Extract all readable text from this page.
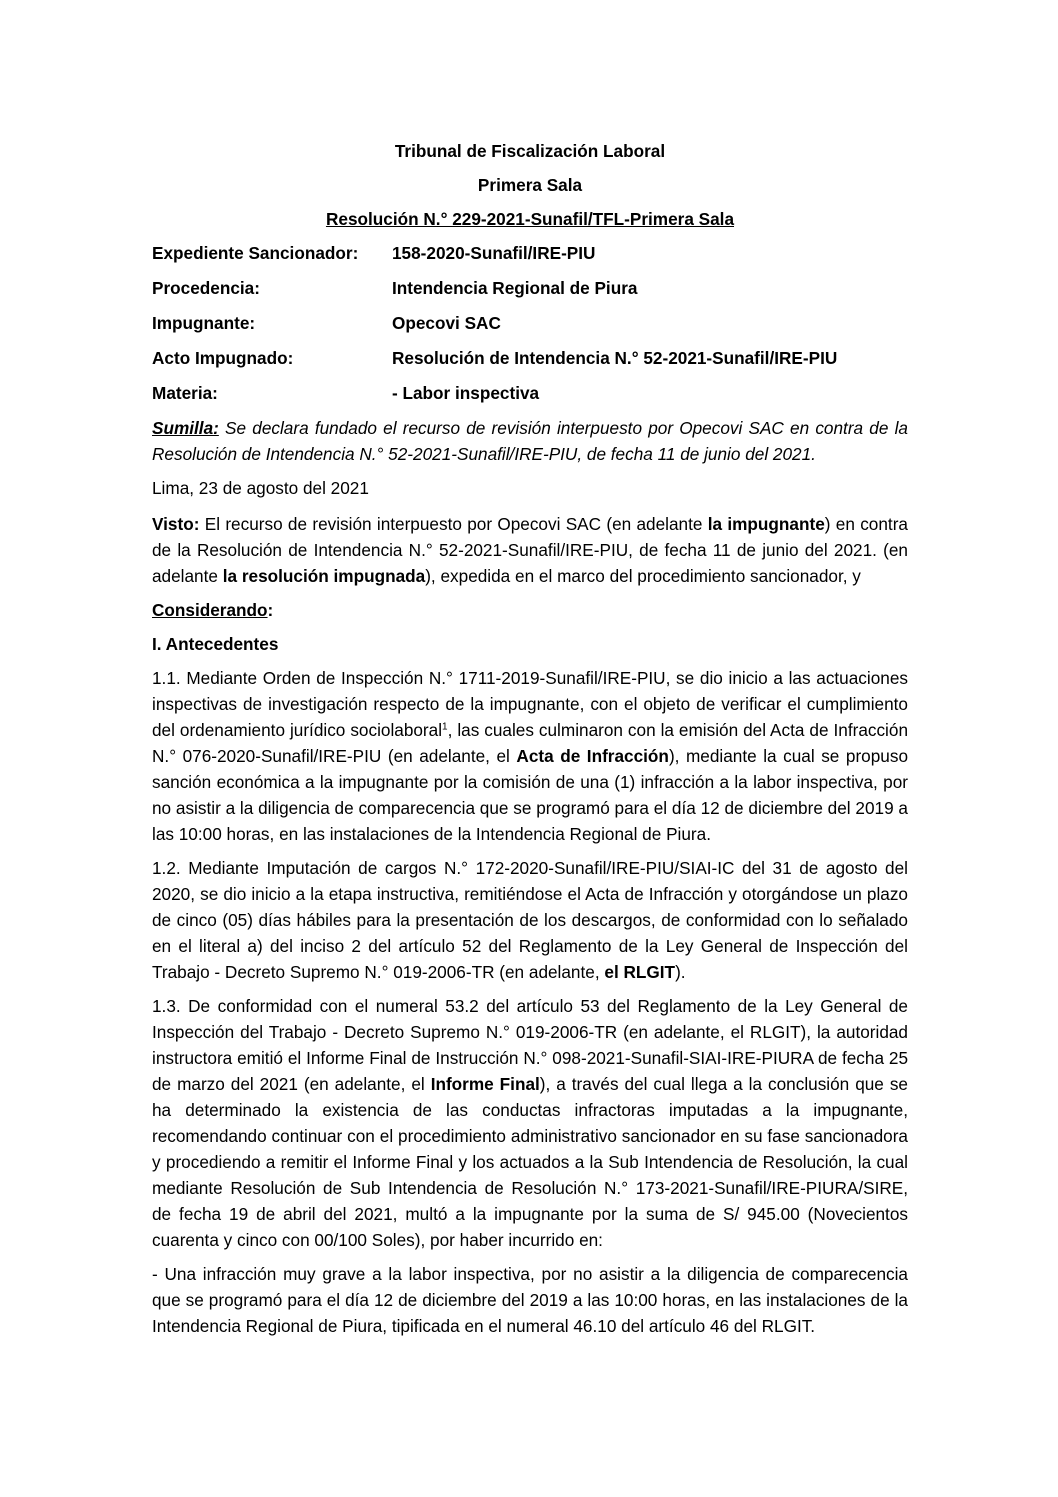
Tribunal de Fiscalización Laboral
Primera Sala
Resolución N.° 229-2021-Sunafil/TFL-Primera Sala
Expediente Sancionador:	158-2020-Sunafil/IRE-PIU
Procedencia:	Intendencia Regional de Piura
Impugnante:	Opecovi SAC
Acto Impugnado:	Resolución de Intendencia N.° 52-2021-Sunafil/IRE-PIU
Materia:	- Labor inspectiva

Sumilla: Se declara fundado el recurso de revisión interpuesto por Opecovi SAC en contra de la Resolución de Intendencia N.° 52-2021-Sunafil/IRE-PIU, de fecha 11 de junio del 2021.

Lima, 23 de agosto del 2021

Visto: El recurso de revisión interpuesto por Opecovi SAC (en adelante la impugnante) en contra de la Resolución de Intendencia N.° 52-2021-Sunafil/IRE-PIU, de fecha 11 de junio del 2021. (en adelante la resolución impugnada), expedida en el marco del procedimiento sancionador, y

Considerando:

I. Antecedentes

1.1. Mediante Orden de Inspección N.° 1711-2019-Sunafil/IRE-PIU, se dio inicio a las actuaciones inspectivas de investigación respecto de la impugnante, con el objeto de verificar el cumplimiento del ordenamiento jurídico sociolaboral$^1$, las cuales culminaron con la emisión del Acta de Infracción N.° 076-2020-Sunafil/IRE-PIU (en adelante, el Acta de Infracción), mediante la cual se propuso sanción económica a la impugnante por la comisión de una (1) infracción a la labor inspectiva, por no asistir a la diligencia de comparecencia que se programó para el día 12 de diciembre del 2019 a las 10:00 horas, en las instalaciones de la Intendencia Regional de Piura.

1.2. Mediante Imputación de cargos N.° 172-2020-Sunafil/IRE-PIU/SIAI-IC del 31 de agosto del 2020, se dio inicio a la etapa instructiva, remitiéndose el Acta de Infracción y otorgándose un plazo de cinco (05) días hábiles para la presentación de los descargos, de conformidad con lo señalado en el literal a) del inciso 2 del artículo 52 del Reglamento de la Ley General de Inspección del Trabajo - Decreto Supremo N.° 019-2006-TR (en adelante, el RLGIT).

1.3. De conformidad con el numeral 53.2 del artículo 53 del Reglamento de la Ley General de Inspección del Trabajo - Decreto Supremo N.° 019-2006-TR (en adelante, el RLGIT), la autoridad instructora emitió el Informe Final de Instrucción N.° 098-2021-Sunafil-SIAI-IRE-PIURA de fecha 25 de marzo del 2021 (en adelante, el Informe Final), a través del cual llega a la conclusión que se ha determinado la existencia de las conductas infractoras imputadas a la impugnante, recomendando continuar con el procedimiento administrativo sancionador en su fase sancionadora y procediendo a remitir el Informe Final y los actuados a la Sub Intendencia de Resolución, la cual mediante Resolución de Sub Intendencia de Resolución N.° 173-2021-Sunafil/IRE-PIURA/SIRE, de fecha 19 de abril del 2021, multó a la impugnante por la suma de S/ 945.00 (Novecientos cuarenta y cinco con 00/100 Soles), por haber incurrido en:

- Una infracción muy grave a la labor inspectiva, por no asistir a la diligencia de comparecencia que se programó para el día 12 de diciembre del 2019 a las 10:00 horas, en las instalaciones de la Intendencia Regional de Piura, tipificada en el numeral 46.10 del artículo 46 del RLGIT.
